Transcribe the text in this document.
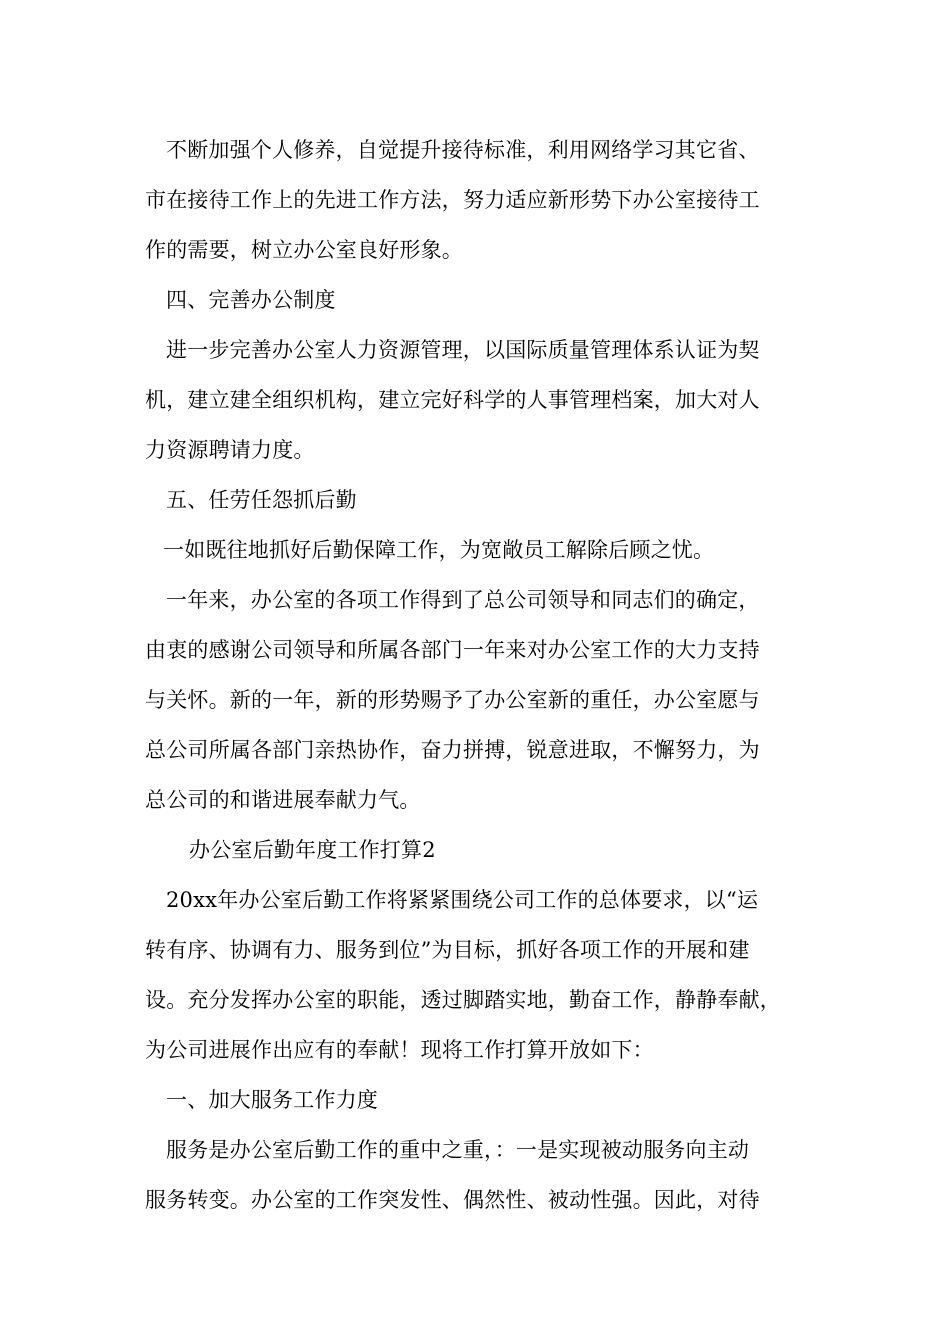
不断加强个人修养，自觉提升接待标准，利用网络学习其它省、
市在接待工作上的先进工作方法，努力适应新形势下办公室接待工
作的需要，树立办公室良好形象。
四、完善办公制度
进一步完善办公室人力资源管理，以国际质量管理体系认证为契
机，建立建全组织机构，建立完好科学的人事管理档案，加大对人
力资源聘请力度。
五、任劳任怨抓后勤
一如既往地抓好后勤保障工作，为宽敞员工解除后顾之忧。
一年来，办公室的各项工作得到了总公司领导和同志们的确定，
由衷的感谢公司领导和所属各部门一年来对办公室工作的大力支持
与关怀。新的一年，新的形势赐予了办公室新的重任，办公室愿与
总公司所属各部门亲热协作，奋力拼搏，锐意进取，不懈努力，为
总公司的和谐进展奉献力气。
办公室后勤年度工作打算2
20xx年办公室后勤工作将紧紧围绕公司工作的总体要求，以“运
转有序、协调有力、服务到位”为目标，抓好各项工作的开展和建
设。充分发挥办公室的职能，透过脚踏实地，勤奋工作，静静奉献，
为公司进展作出应有的奉献！现将工作打算开放如下：
一、加大服务工作力度
服务是办公室后勤工作的重中之重，：一是实现被动服务向主动
服务转变。办公室的工作突发性、偶然性、被动性强。因此，对待
